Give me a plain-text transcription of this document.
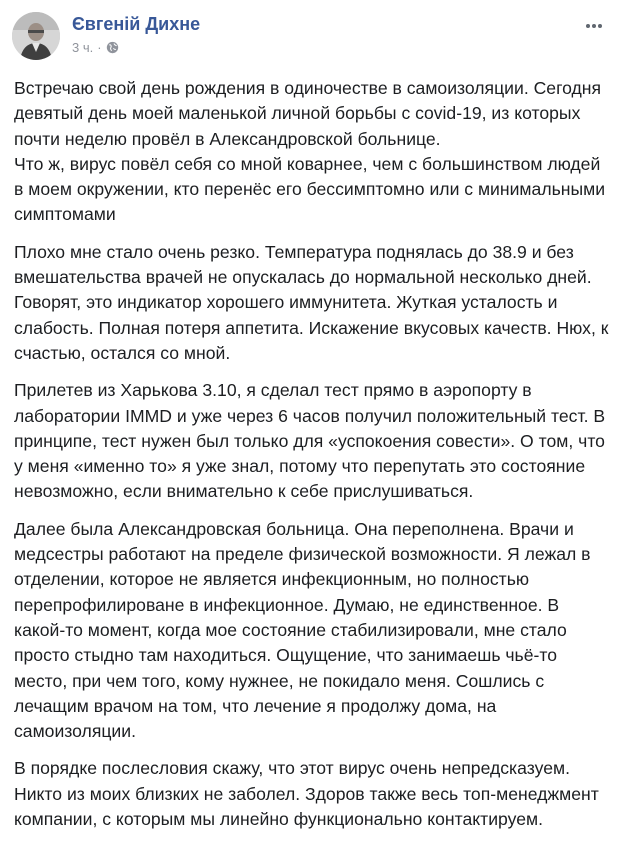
Євгеній Дихне
3 ч. ·

Встречаю свой день рождения в одиночестве в самоизоляции. Сегодня
девятый день моей маленькой личной борьбы с covid-19, из которых
почти неделю провёл в Александровской больнице.
Что ж, вирус повёл себя со мной коварнее, чем с большинством людей
в моем окружении, кто перенёс его бессимптомно или с минимальными
симптомами

Плохо мне стало очень резко. Температура поднялась до 38.9 и без
вмешательства врачей не опускалась до нормальной несколько дней.
Говорят, это индикатор хорошего иммунитета. Жуткая усталость и
слабость. Полная потеря аппетита. Искажение вкусовых качеств. Нюх, к
счастью, остался со мной.

Прилетев из Харькова 3.10, я сделал тест прямо в аэропорту в
лаборатории IMMD и уже через 6 часов получил положительный тест. В
принципе, тест нужен был только для «успокоения совести». О том, что
у меня «именно то» я уже знал, потому что перепутать это состояние
невозможно, если внимательно к себе прислушиваться.

Далее была Александровская больница. Она переполнена. Врачи и
медсестры работают на пределе физической возможности. Я лежал в
отделении, которое не является инфекционным, но полностью
перепрофилироване в инфекционное. Думаю, не единственное. В
какой-то момент, когда мое состояние стабилизировали, мне стало
просто стыдно там находиться. Ощущение, что занимаешь чьё-то
место, при чем того, кому нужнее, не покидало меня. Сошлись с
лечащим врачом на том, что лечение я продолжу дома, на
самоизоляции.

В порядке послесловия скажу, что этот вирус очень непредсказуем.
Никто из моих близких не заболел. Здоров также весь топ-менеджмент
компании, с которым мы линейно функционально контактируем.
